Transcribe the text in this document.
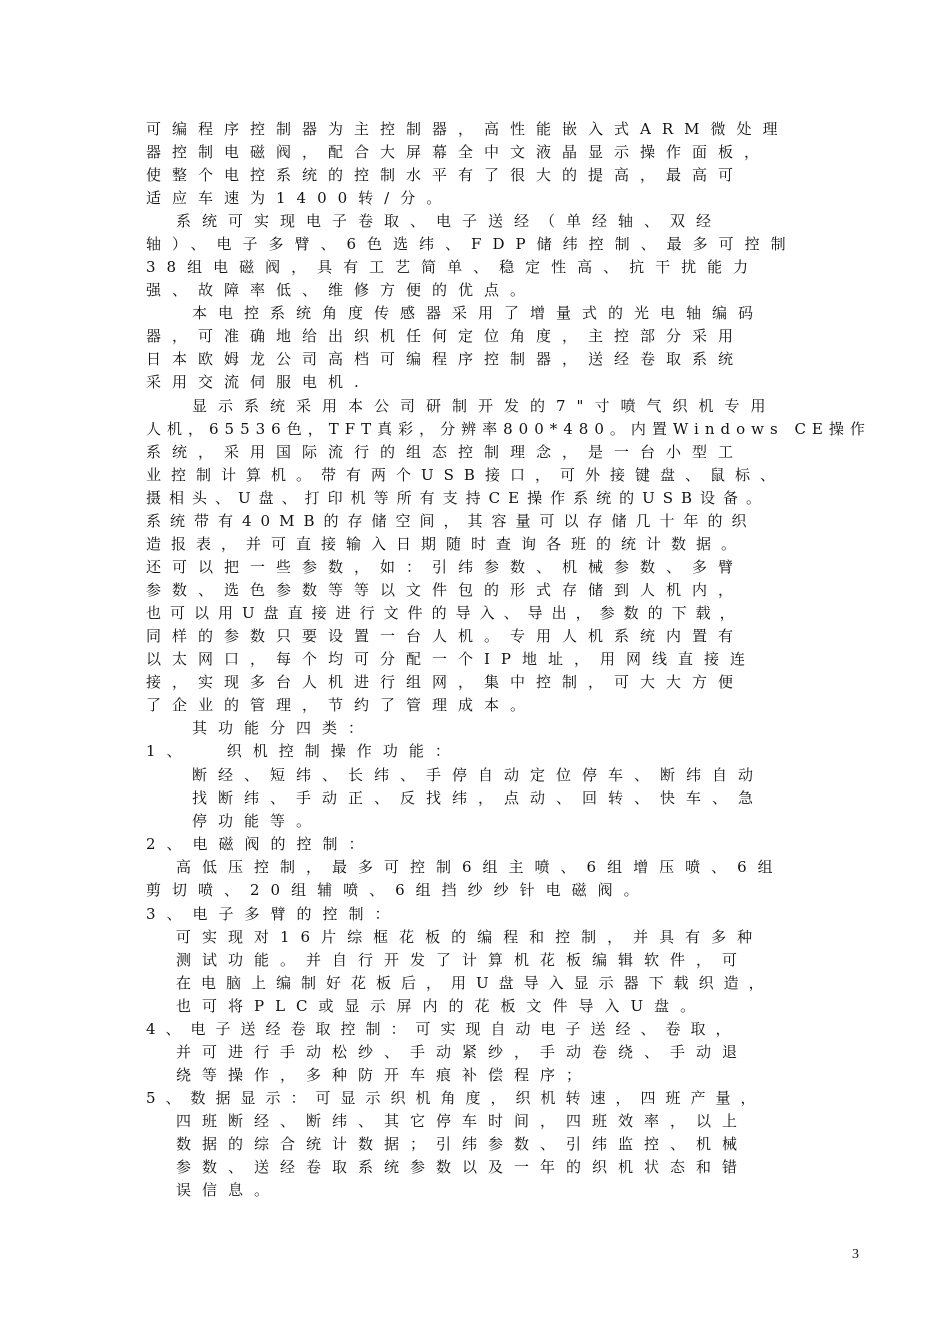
可编程序控制器为主控制器，高性能嵌入式ARM微处理
器控制电磁阀，配合大屏幕全中文液晶显示操作面板，
使整个电控系统的控制水平有了很大的提高，最高可
适应车速为1400转/分。
系统可实现电子卷取、电子送经（单经轴、双经
轴）、电子多臂、6色选纬、FDP储纬控制、最多可控制
38组电磁阀，具有工艺简单、稳定性高、抗干扰能力
强、故障率低、维修方便的优点。
本电控系统角度传感器采用了增量式的光电轴编码
器，可准确地给出织机任何定位角度，主控部分采用
日本欧姆龙公司高档可编程序控制器，送经卷取系统
采用交流伺服电机.
显示系统采用本公司研制开发的7"寸喷气织机专用
人机，65536色，TFT真彩，分辨率800*480。内置Windows CE操作
系统，采用国际流行的组态控制理念，是一台小型工
业控制计算机。带有两个USB接口，可外接键盘、鼠标、
摄相头、U盘、打印机等所有支持CE操作系统的USB设备。
系统带有40MB的存储空间，其容量可以存储几十年的织
造报表，并可直接输入日期随时查询各班的统计数据。
还可以把一些参数，如：引纬参数、机械参数、多臂
参数、选色参数等等以文件包的形式存储到人机内，
也可以用U盘直接进行文件的导入、导出，参数的下载，
同样的参数只要设置一台人机。专用人机系统内置有
以太网口，每个均可分配一个IP地址，用网线直接连
接，实现多台人机进行组网，集中控制，可大大方便
了企业的管理，节约了管理成本。
其功能分四类：
1、　 织机控制操作功能：
断经、短纬、长纬、手停自动定位停车、断纬自动
找断纬、手动正、反找纬，点动、回转、快车、急
停功能等。
2、电磁阀的控制：
高低压控制，最多可控制6组主喷、6组增压喷、6组
剪切喷、20组辅喷、6组挡纱纱针电磁阀。
3、电子多臂的控制：
可实现对16片综框花板的编程和控制，并具有多种
测试功能。并自行开发了计算机花板编辑软件，可
在电脑上编制好花板后，用U盘导入显示器下载织造，
也可将PLC或显示屏内的花板文件导入U盘。
4、电子送经卷取控制：可实现自动电子送经、卷取，
并可进行手动松纱、手动紧纱，手动卷绕、手动退
绕等操作，多种防开车痕补偿程序；
5、数据显示：可显示织机角度，织机转速，四班产量，
四班断经、断纬、其它停车时间，四班效率，以上
数据的综合统计数据；引纬参数、引纬监控、机械
参数、送经卷取系统参数以及一年的织机状态和错
误信息。
3
